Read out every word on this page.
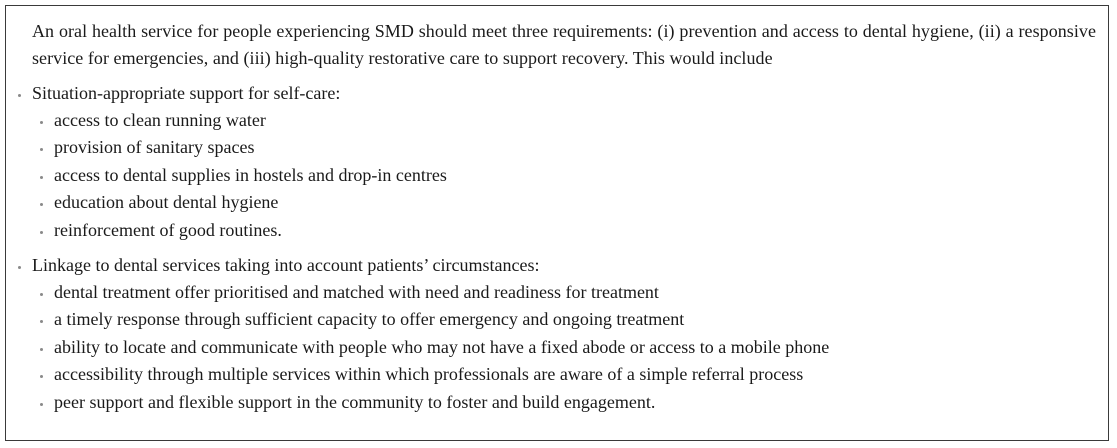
An oral health service for people experiencing SMD should meet three requirements: (i) prevention and access to dental hygiene, (ii) a responsive service for emergencies, and (iii) high-quality restorative care to support recovery. This would include

Situation-appropriate support for self-care:
access to clean running water
provision of sanitary spaces
access to dental supplies in hostels and drop-in centres
education about dental hygiene
reinforcement of good routines.
Linkage to dental services taking into account patients’ circumstances:
dental treatment offer prioritised and matched with need and readiness for treatment
a timely response through sufficient capacity to offer emergency and ongoing treatment
ability to locate and communicate with people who may not have a fixed abode or access to a mobile phone
accessibility through multiple services within which professionals are aware of a simple referral process
peer support and flexible support in the community to foster and build engagement.
